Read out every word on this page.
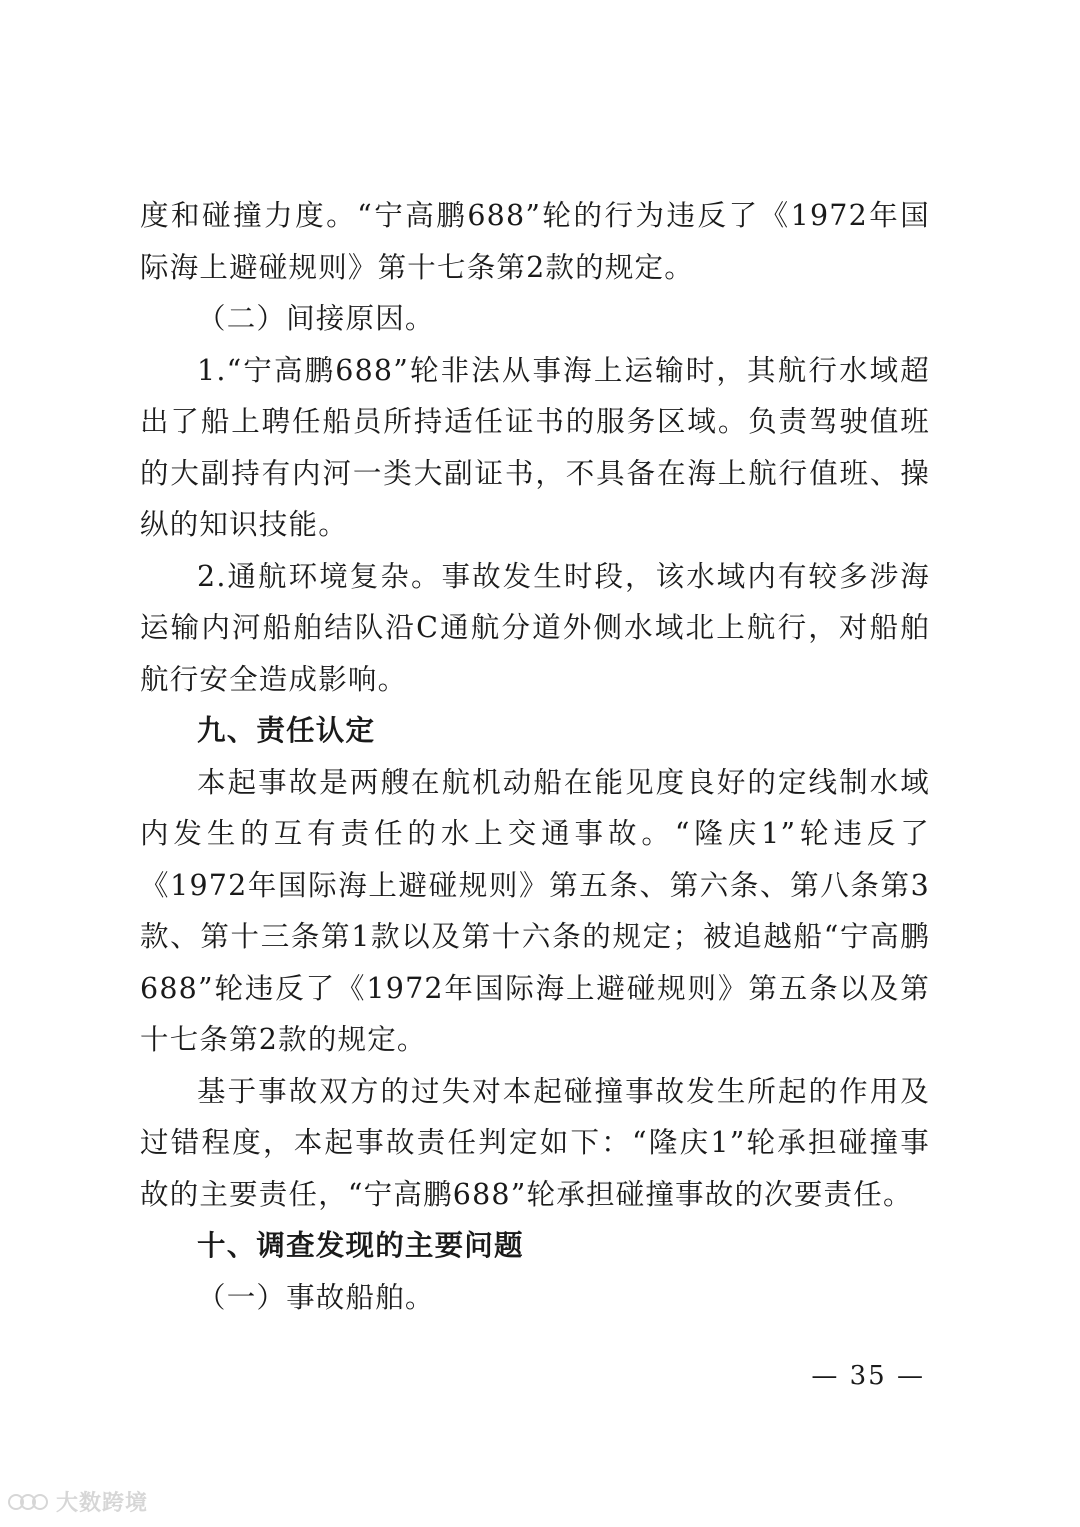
度和碰撞力度。“宁高鹏688”轮的行为违反了《1972年国际海上避碰规则》第十七条第2款的规定。

（二）间接原因。

1.“宁高鹏688”轮非法从事海上运输时，其航行水域超出了船上聘任船员所持适任证书的服务区域。负责驾驶值班的大副持有内河一类大副证书，不具备在海上航行值班、操纵的知识技能。

2.通航环境复杂。事故发生时段，该水域内有较多涉海运输内河船舶结队沿C通航分道外侧水域北上航行，对船舶航行安全造成影响。

九、责任认定

本起事故是两艘在航机动船在能见度良好的定线制水域内发生的互有责任的水上交通事故。“隆庆1”轮违反了《1972年国际海上避碰规则》第五条、第六条、第八条第3款、第十三条第1款以及第十六条的规定；被追越船“宁高鹏688”轮违反了《1972年国际海上避碰规则》第五条以及第十七条第2款的规定。

基于事故双方的过失对本起碰撞事故发生所起的作用及过错程度，本起事故责任判定如下：“隆庆1”轮承担碰撞事故的主要责任，“宁高鹏688”轮承担碰撞事故的次要责任。

十、调查发现的主要问题

（一）事故船舶。

— 35 —
大数跨境
